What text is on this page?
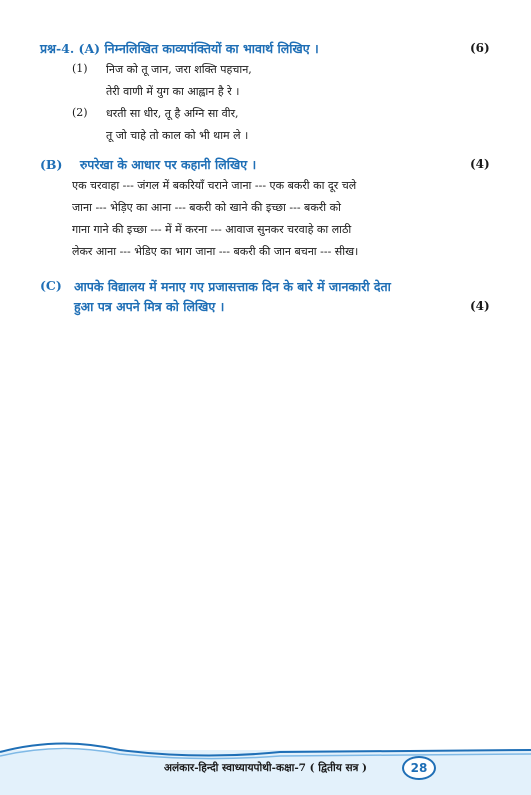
प्रश्न-4. (A) निम्नलिखित काव्यपंक्तियों का भावार्थ लिखिए ।	(6)
(1) निज को तू जान, जरा शक्ति पहचान,
तेरी वाणी में युग का आह्वान है रे ।
(2) धरती सा धीर, तू है अग्नि सा वीर,
तू जो चाहे तो काल को भी थाम ले ।
(B) रुपरेखा के आधार पर कहानी लिखिए ।	(4)
एक चरवाहा --- जंगल में बकरियाँ चराने जाना --- एक बकरी का दूर चले
जाना --- भेड़िए का आना --- बकरी को खाने की इच्छा --- बकरी को
गाना गाने की इच्छा --- में में करना --- आवाज सुनकर चरवाहे का लाठी
लेकर आना --- भेडिए का भाग जाना --- बकरी की जान बचना --- सीख।
(C) आपके विद्यालय में मनाए गए प्रजासत्ताक दिन के बारे में जानकारी देता
हुआ पत्र अपने मित्र को लिखिए ।	(4)
अलंकार-हिन्दी स्वाध्यायपोथी-कक्षा-7 ( द्वितीय सत्र )	28
